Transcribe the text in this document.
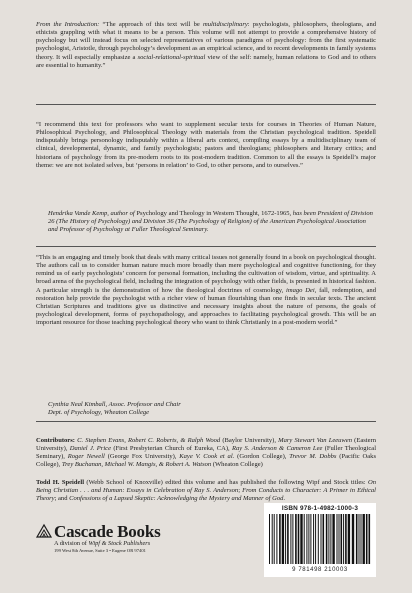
From the Introduction: “The approach of this text will be multidisciplinary: psychologists, philosophers, theologians, and ethicists grappling with what it means to be a person. This volume will not attempt to provide a comprehensive history of psychology but will instead focus on selected representatives of various paradigms of psychology: from the first systematic psychologist, Aristotle, through psychology’s development as an empirical science, and to recent developments in family systems theory. It will especially emphasize a social-relational-spiritual view of the self: namely, human relations to God and to others are essential to humanity.”

“I recommend this text for professors who want to supplement secular texts for courses in Theories of Human Nature, Philosophical Psychology, and Philosophical Theology with materials from the Christian psychological tradition. Speidell indisputably brings personology indisputably within a liberal arts context, compiling essays by a multidisciplinary team of clinical, developmental, dynamic, and family psychologists; pastors and theologians; philosophers and literary critics; and historians of psychology from its pre-modern roots to its post-modern tradition. Common to all the essays is Speidell’s major theme: we are not isolated selves, but ‘persons in relation’ to God, to other persons, and to ourselves.”

Hendrika Vande Kemp, author of Psychology and Theology in Western Thought, 1672-1965, has been President of Division 26 (The History of Psychology) and Division 36 (The Psychology of Religion) of the American Psychological Association and Professor of Psychology at Fuller Theological Seminary.

“This is an engaging and timely book that deals with many critical issues not generally found in a book on psychological thought. The authors call us to consider human nature much more broadly than mere psychological and cognitive functioning, for they remind us of early psychologists’ concern for personal formation, including the cultivation of wisdom, virtue, and spirituality. A broad arena of the psychological field, including the integration of psychology with other fields, is presented in historical fashion. A particular strength is the demonstration of how the theological doctrines of cosmology, imago Dei, fall, redemption, and restoration help provide the psychologist with a richer view of human flourishing than one finds in secular texts. The ancient Christian Scriptures and traditions give us distinctive and necessary insights about the nature of persons, the goals of psychological development, forms of psychopathology, and approaches to facilitating psychological growth. This will be an important resource for those teaching psychological theory who want to think Christianly in a post-modern world.”

Cynthia Neal Kimball, Assoc. Professor and Chair
Dept. of Psychology, Wheaton College

Contributors: C. Stephen Evans, Robert C. Roberts, & Ralph Wood (Baylor University), Mary Stewart Van Leeuwen (Eastern University), Daniel J. Price (First Presbyterian Church of Eureka, CA), Ray S. Anderson & Cameron Lee (Fuller Theological Seminary), Roger Newell (George Fox University), Kaye V. Cook et al. (Gordon College), Trevor M. Dobbs (Pacific Oaks College), Trey Buchanan, Michael W. Mangis, & Robert A. Watson (Wheaton College)

Todd H. Speidell (Webb School of Knoxville) edited this volume and has published the following Wipf and Stock titles: On Being Christian . . . and Human: Essays in Celebration of Ray S. Anderson; From Conducts to Character: A Primer in Ethical Theory; and Confessions of a Lapsed Skeptic: Acknowledging the Mystery and Manner of God.

Cascade Books
A division of Wipf & Stock Publishers
199 West 8th Avenue, Suite 3 • Eugene OR 97401
ISBN 978-1-4982-1000-3
9 781498 210003
